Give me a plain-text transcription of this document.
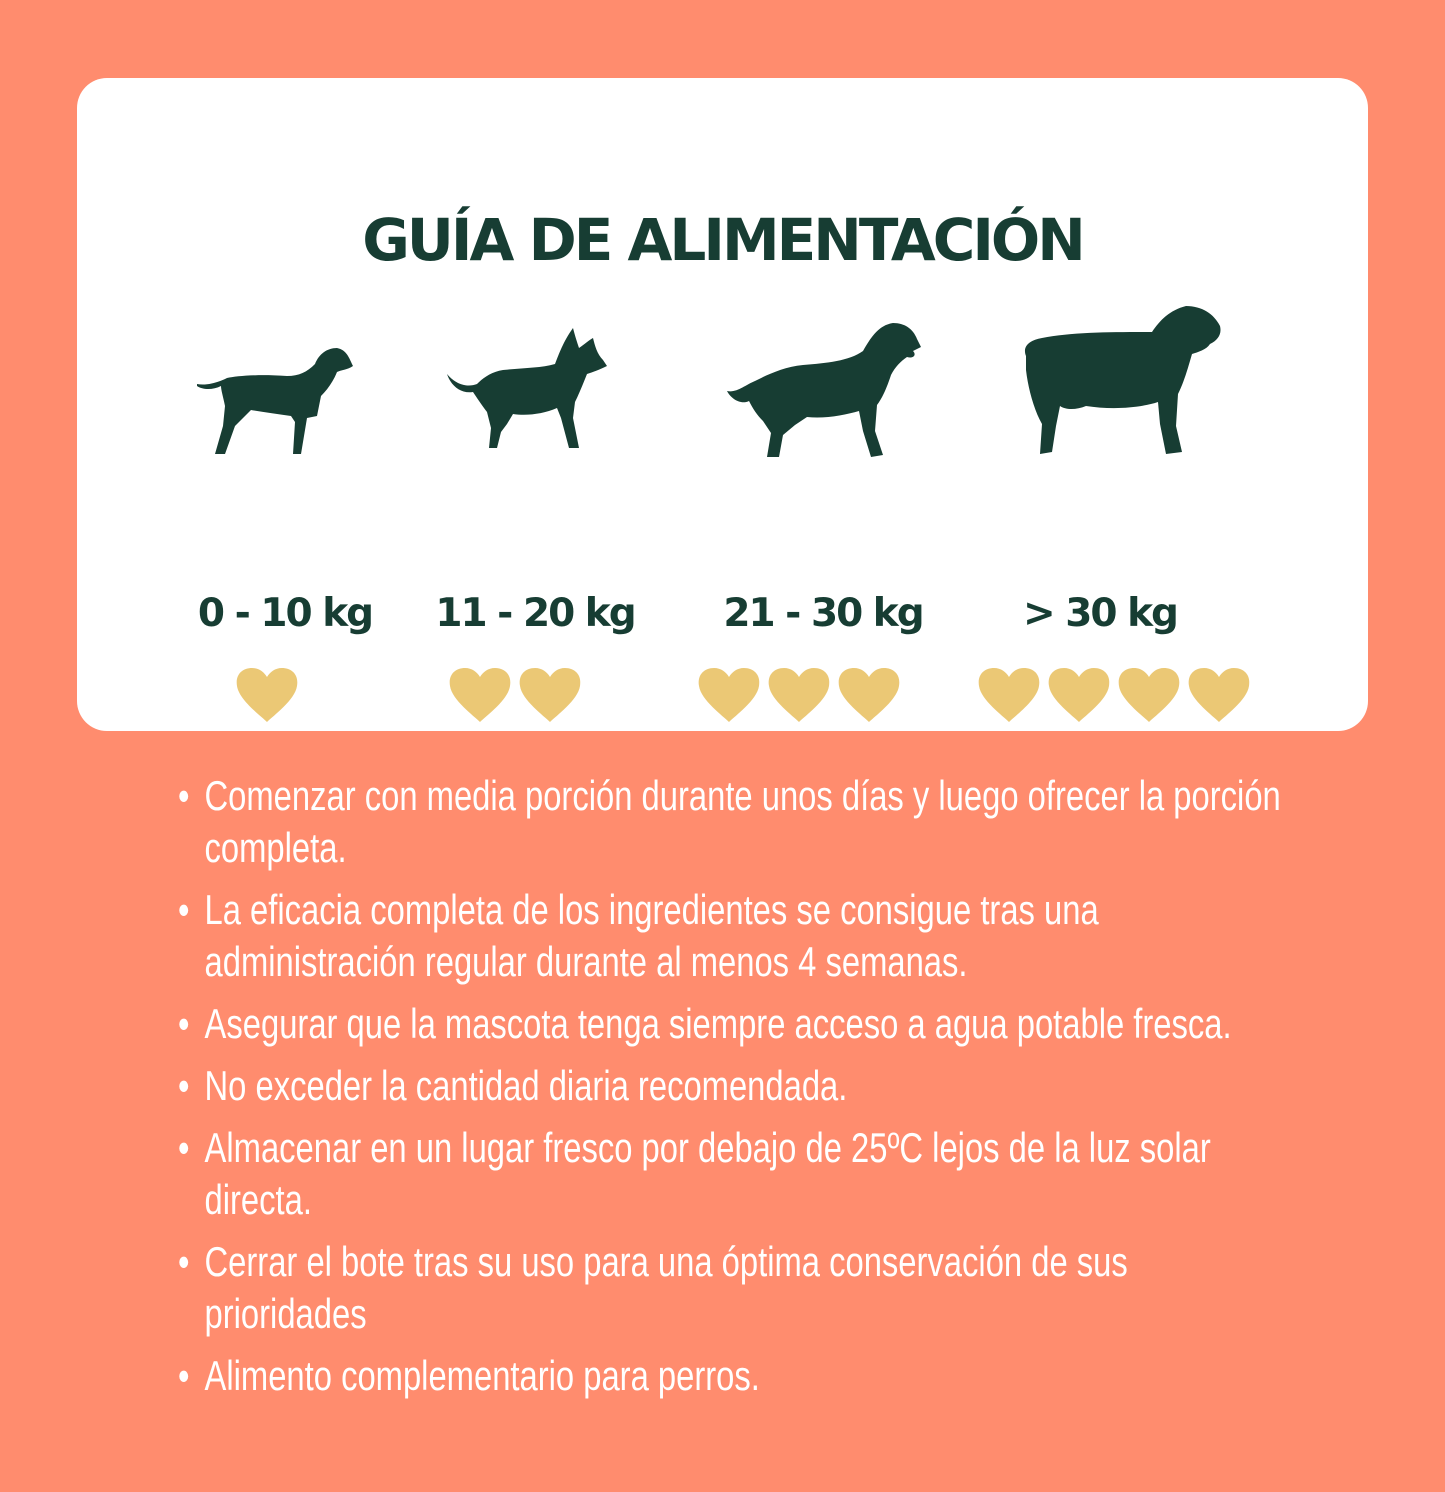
GUÍA DE ALIMENTACIÓN

0 - 10 kg	11 - 20 kg	21 - 30 kg	> 30 kg

• Comenzar con media porción durante unos días y luego ofrecer la porción completa.
• La eficacia completa de los ingredientes se consigue tras una administración regular durante al menos 4 semanas.
• Asegurar que la mascota tenga siempre acceso a agua potable fresca.
• No exceder la cantidad diaria recomendada.
• Almacenar en un lugar fresco por debajo de 25ºC lejos de la luz solar directa.
• Cerrar el bote tras su uso para una óptima conservación de sus prioridades
• Alimento complementario para perros.
